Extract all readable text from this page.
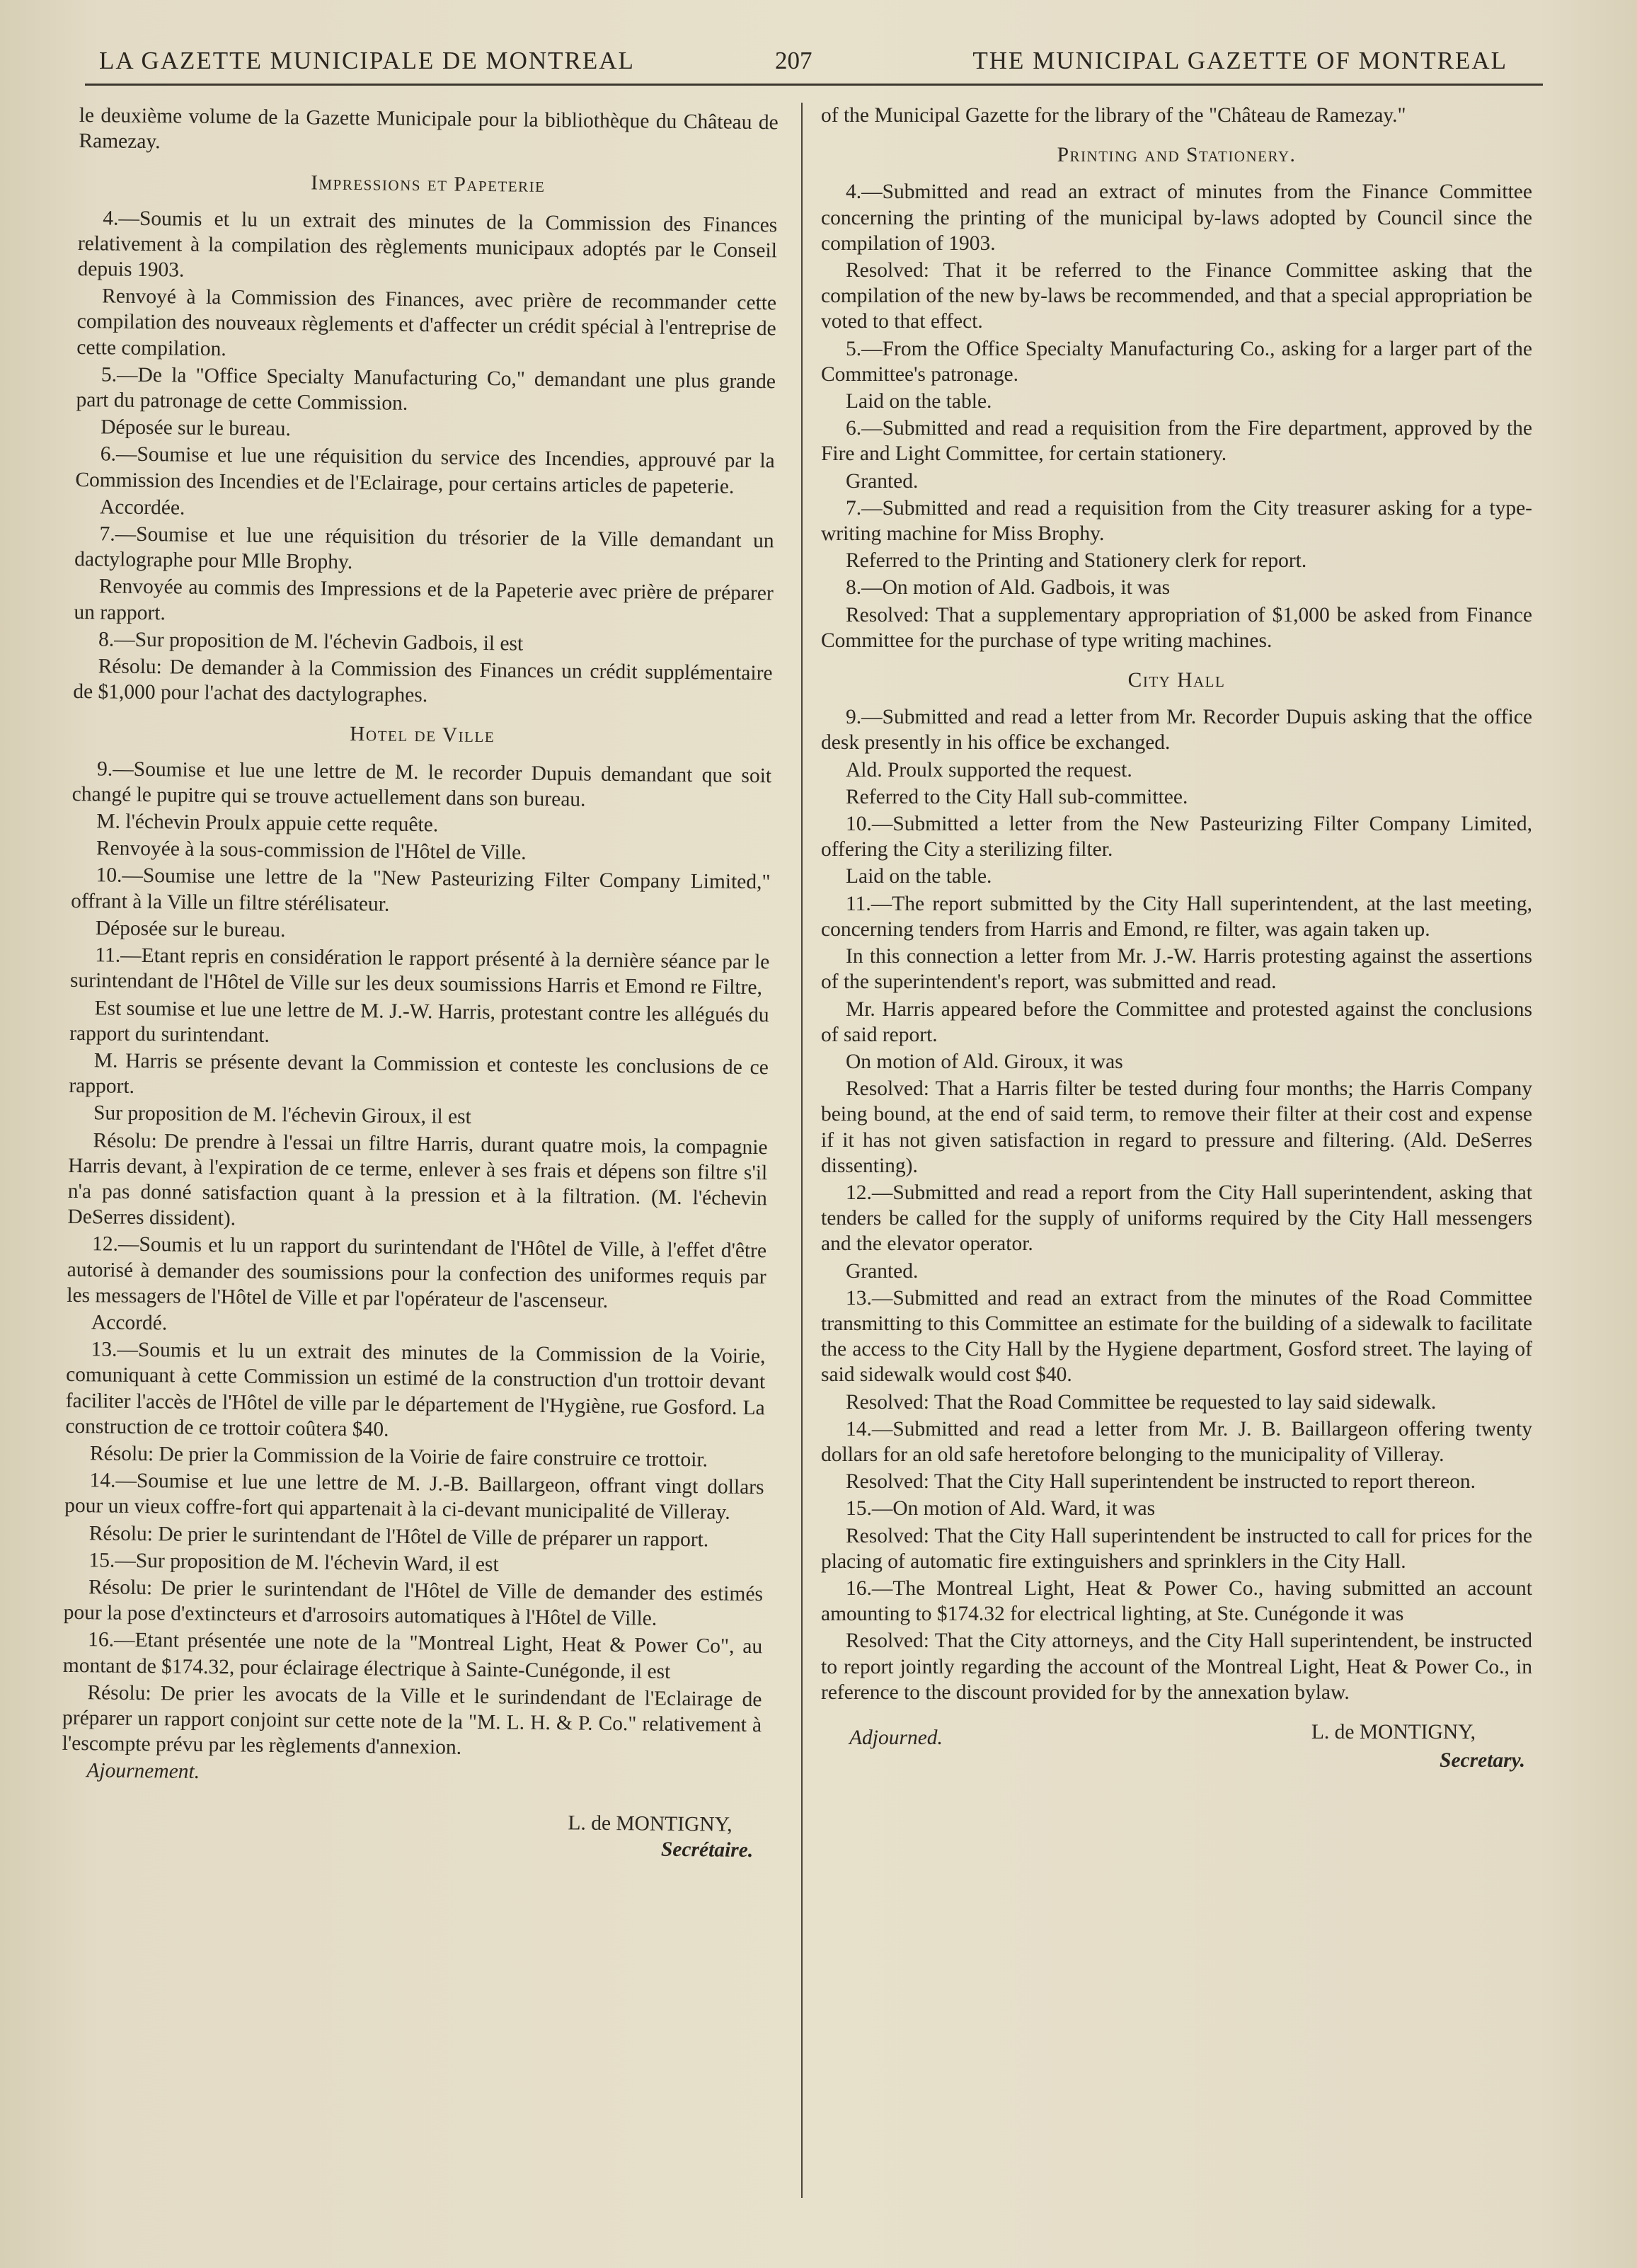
LA GAZETTE MUNICIPALE DE MONTREAL	207	THE MUNICIPAL GAZETTE OF MONTREAL

le deuxième volume de la Gazette Municipale pour la bibliothèque du Château de Ramezay.

Impressions et Papeterie

4.—Soumis et lu un extrait des minutes de la Commission des Finances relativement à la compilation des règlements municipaux adoptés par le Conseil depuis 1903.

Renvoyé à la Commission des Finances, avec prière de recommander cette compilation des nouveaux règlements et d'affecter un crédit spécial à l'entreprise de cette compilation.

5.—De la "Office Specialty Manufacturing Co," demandant une plus grande part du patronage de cette Commission.

Déposée sur le bureau.

6.—Soumise et lue une réquisition du service des Incendies, approuvé par la Commission des Incendies et de l'Eclairage, pour certains articles de papeterie.

Accordée.

7.—Soumise et lue une réquisition du trésorier de la Ville demandant un dactylographe pour Mlle Brophy.

Renvoyée au commis des Impressions et de la Papeterie avec prière de préparer un rapport.

8.—Sur proposition de M. l'échevin Gadbois, il est

Résolu: De demander à la Commission des Finances un crédit supplémentaire de $1,000 pour l'achat des dactylographes.

Hotel de Ville

9.—Soumise et lue une lettre de M. le recorder Dupuis demandant que soit changé le pupitre qui se trouve actuellement dans son bureau.

M. l'échevin Proulx appuie cette requête.

Renvoyée à la sous-commission de l'Hôtel de Ville.

10.—Soumise une lettre de la "New Pasteurizing Filter Company Limited," offrant à la Ville un filtre stérélisateur.

Déposée sur le bureau.

11.—Etant repris en considération le rapport présenté à la dernière séance par le surintendant de l'Hôtel de Ville sur les deux soumissions Harris et Emond re Filtre,

Est soumise et lue une lettre de M. J.-W. Harris, protestant contre les allégués du rapport du surintendant.

M. Harris se présente devant la Commission et conteste les conclusions de ce rapport.

Sur proposition de M. l'échevin Giroux, il est

Résolu: De prendre à l'essai un filtre Harris, durant quatre mois, la compagnie Harris devant, à l'expiration de ce terme, enlever à ses frais et dépens son filtre s'il n'a pas donné satisfaction quant à la pression et à la filtration. (M. l'échevin DeSerres dissident).

12.—Soumis et lu un rapport du surintendant de l'Hôtel de Ville, à l'effet d'être autorisé à demander des soumissions pour la confection des uniformes requis par les messagers de l'Hôtel de Ville et par l'opérateur de l'ascenseur.

Accordé.

13.—Soumis et lu un extrait des minutes de la Commission de la Voirie, comuniquant à cette Commission un estimé de la construction d'un trottoir devant faciliter l'accès de l'Hôtel de ville par le département de l'Hygiène, rue Gosford. La construction de ce trottoir coûtera $40.

Résolu: De prier la Commission de la Voirie de faire construire ce trottoir.

14.—Soumise et lue une lettre de M. J.-B. Baillargeon, offrant vingt dollars pour un vieux coffre-fort qui appartenait à la ci-devant municipalité de Villeray.

Résolu: De prier le surintendant de l'Hôtel de Ville de préparer un rapport.

15.—Sur proposition de M. l'échevin Ward, il est

Résolu: De prier le surintendant de l'Hôtel de Ville de demander des estimés pour la pose d'extincteurs et d'arrosoirs automatiques à l'Hôtel de Ville.

16.—Etant présentée une note de la "Montreal Light, Heat & Power Co", au montant de $174.32, pour éclairage électrique à Sainte-Cunégonde, il est

Résolu: De prier les avocats de la Ville et le surindendant de l'Eclairage de préparer un rapport conjoint sur cette note de la "M. L. H. & P. Co." relativement à l'escompte prévu par les règlements d'annexion.

Ajournement.

L. de MONTIGNY,
Secrétaire.

of the Municipal Gazette for the library of the "Château de Ramezay."

Printing and Stationery.

4.—Submitted and read an extract of minutes from the Finance Committee concerning the printing of the municipal by-laws adopted by Council since the compilation of 1903.

Resolved: That it be referred to the Finance Committee asking that the compilation of the new by-laws be recommended, and that a special appropriation be voted to that effect.

5.—From the Office Specialty Manufacturing Co., asking for a larger part of the Committee's patronage.

Laid on the table.

6.—Submitted and read a requisition from the Fire department, approved by the Fire and Light Committee, for certain stationery.

Granted.

7.—Submitted and read a requisition from the City treasurer asking for a type-writing machine for Miss Brophy.

Referred to the Printing and Stationery clerk for report.

8.—On motion of Ald. Gadbois, it was

Resolved: That a supplementary appropriation of $1,000 be asked from Finance Committee for the purchase of type writing machines.

City Hall

9.—Submitted and read a letter from Mr. Recorder Dupuis asking that the office desk presently in his office be exchanged.

Ald. Proulx supported the request.

Referred to the City Hall sub-committee.

10.—Submitted a letter from the New Pasteurizing Filter Company Limited, offering the City a sterilizing filter.

Laid on the table.

11.—The report submitted by the City Hall superintendent, at the last meeting, concerning tenders from Harris and Emond, re filter, was again taken up.

In this connection a letter from Mr. J.-W. Harris protesting against the assertions of the superintendent's report, was submitted and read.

Mr. Harris appeared before the Committee and protested against the conclusions of said report.

On motion of Ald. Giroux, it was

Resolved: That a Harris filter be tested during four months; the Harris Company being bound, at the end of said term, to remove their filter at their cost and expense if it has not given satisfaction in regard to pressure and filtering. (Ald. DeSerres dissenting).

12.—Submitted and read a report from the City Hall superintendent, asking that tenders be called for the supply of uniforms required by the City Hall messengers and the elevator operator.

Granted.

13.—Submitted and read an extract from the minutes of the Road Committee transmitting to this Committee an estimate for the building of a sidewalk to facilitate the access to the City Hall by the Hygiene department, Gosford street. The laying of said sidewalk would cost $40.

Resolved: That the Road Committee be requested to lay said sidewalk.

14.—Submitted and read a letter from Mr. J. B. Baillargeon offering twenty dollars for an old safe heretofore belonging to the municipality of Villeray.

Resolved: That the City Hall superintendent be instructed to report thereon.

15.—On motion of Ald. Ward, it was

Resolved: That the City Hall superintendent be instructed to call for prices for the placing of automatic fire extinguishers and sprinklers in the City Hall.

16.—The Montreal Light, Heat & Power Co., having submitted an account amounting to $174.32 for electrical lighting, at Ste. Cunégonde it was

Resolved: That the City attorneys, and the City Hall superintendent, be instructed to report jointly regarding the account of the Montreal Light, Heat & Power Co., in reference to the discount provided for by the annexation bylaw.

Adjourned.	L. de MONTIGNY,
Secretary.
